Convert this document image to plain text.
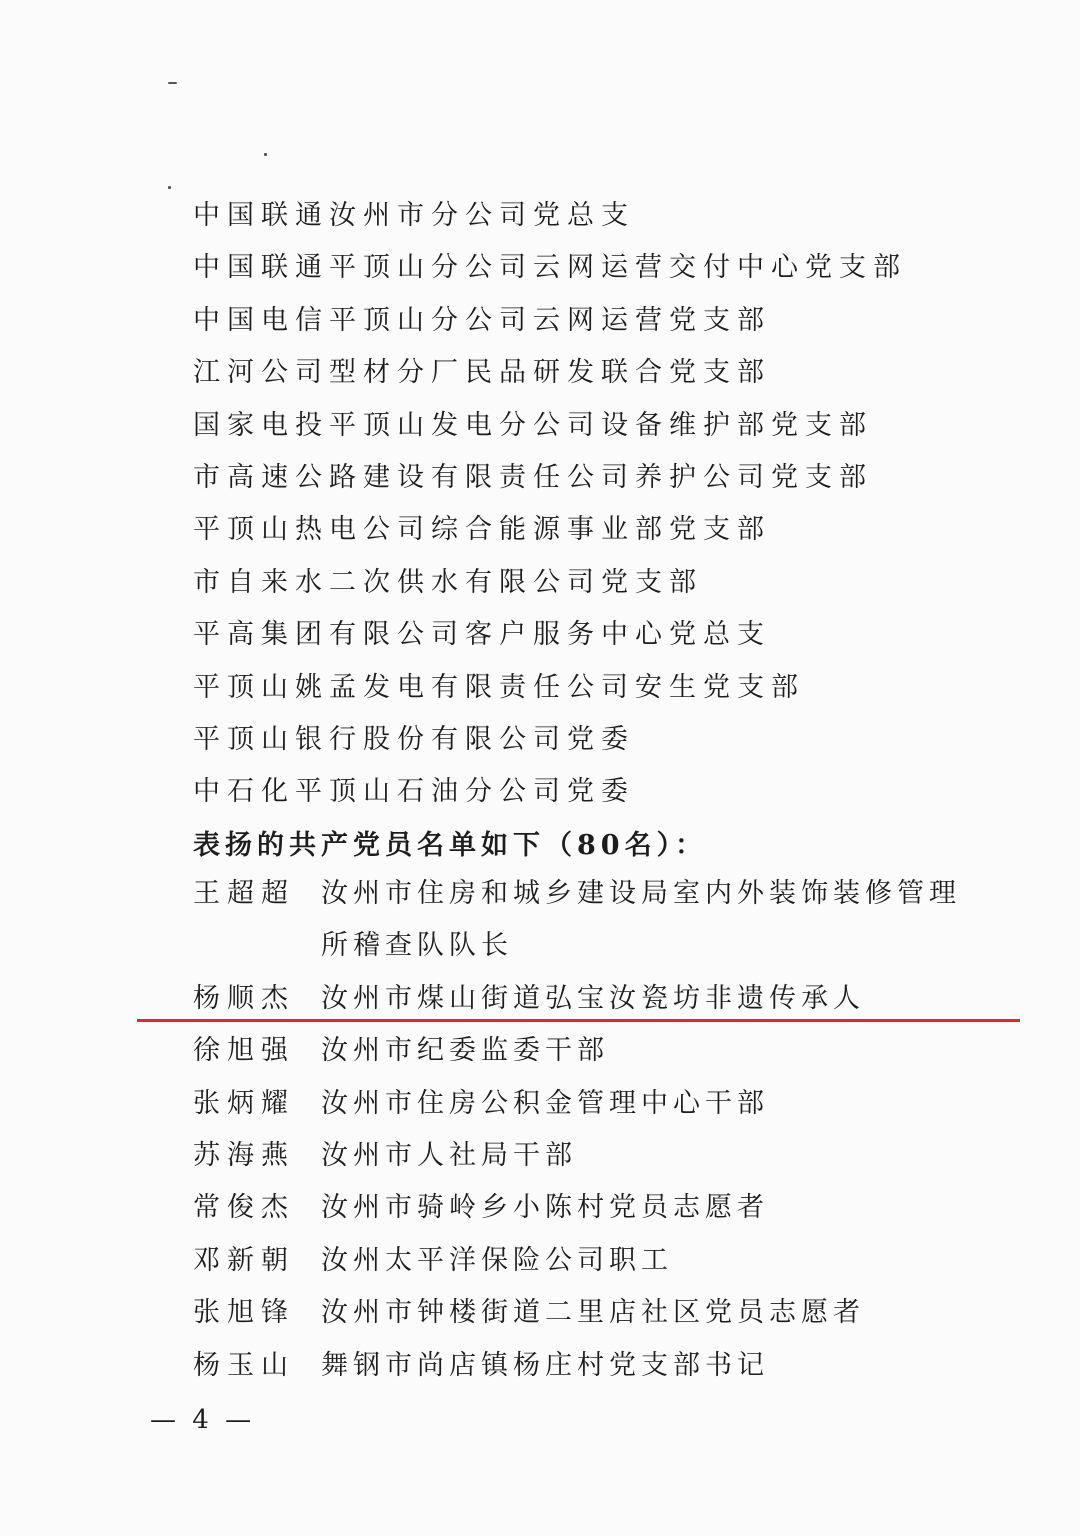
中国联通汝州市分公司党总支
中国联通平顶山分公司云网运营交付中心党支部
中国电信平顶山分公司云网运营党支部
江河公司型材分厂民品研发联合党支部
国家电投平顶山发电分公司设备维护部党支部
市高速公路建设有限责任公司养护公司党支部
平顶山热电公司综合能源事业部党支部
市自来水二次供水有限公司党支部
平高集团有限公司客户服务中心党总支
平顶山姚孟发电有限责任公司安生党支部
平顶山银行股份有限公司党委
中石化平顶山石油分公司党委
表扬的共产党员名单如下（80名）：
王超超 汝州市住房和城乡建设局室内外装饰装修管理所稽查队队长
杨顺杰 汝州市煤山街道弘宝汝瓷坊非遗传承人
徐旭强 汝州市纪委监委干部
张炳耀 汝州市住房公积金管理中心干部
苏海燕 汝州市人社局干部
常俊杰 汝州市骑岭乡小陈村党员志愿者
邓新朝 汝州太平洋保险公司职工
张旭锋 汝州市钟楼街道二里店社区党员志愿者
杨玉山 舞钢市尚店镇杨庄村党支部书记
— 4 —
